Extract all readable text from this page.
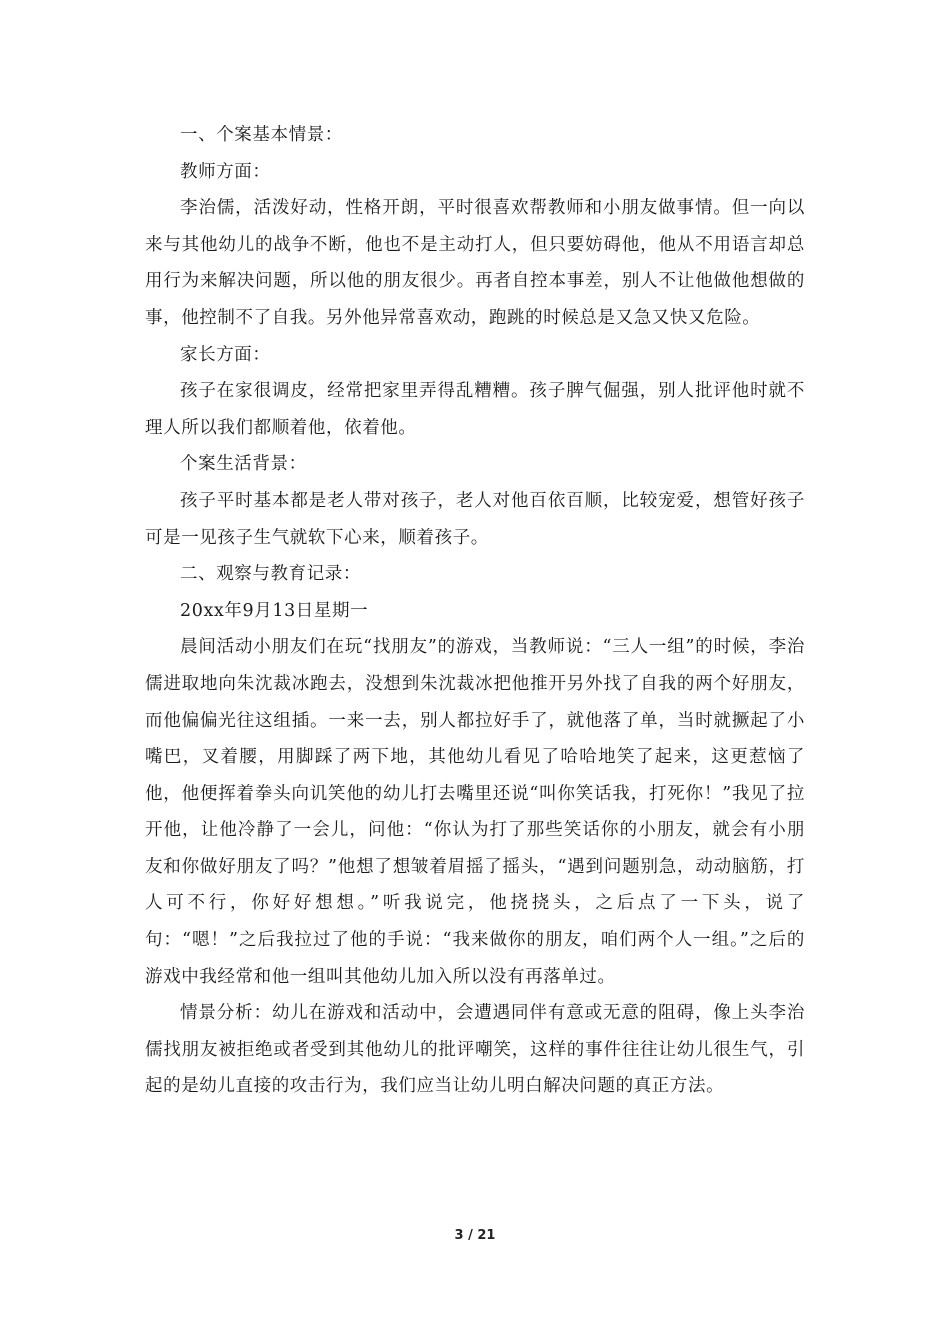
一、个案基本情景：

教师方面：

李治儒，活泼好动，性格开朗，平时很喜欢帮教师和小朋友做事情。但一向以来与其他幼儿的战争不断，他也不是主动打人，但只要妨碍他，他从不用语言却总用行为来解决问题，所以他的朋友很少。再者自控本事差，别人不让他做他想做的事，他控制不了自我。另外他异常喜欢动，跑跳的时候总是又急又快又危险。

家长方面：

孩子在家很调皮，经常把家里弄得乱糟糟。孩子脾气倔强，别人批评他时就不理人所以我们都顺着他，依着他。

个案生活背景：

孩子平时基本都是老人带对孩子，老人对他百依百顺，比较宠爱，想管好孩子可是一见孩子生气就软下心来，顺着孩子。

二、观察与教育记录：

20xx年9月13日星期一

晨间活动小朋友们在玩“找朋友”的游戏，当教师说：“三人一组”的时候，李治儒进取地向朱沈裁冰跑去，没想到朱沈裁冰把他推开另外找了自我的两个好朋友，而他偏偏光往这组插。一来一去，别人都拉好手了，就他落了单，当时就撅起了小嘴巴，叉着腰，用脚踩了两下地，其他幼儿看见了哈哈地笑了起来，这更惹恼了他，他便挥着拳头向讥笑他的幼儿打去嘴里还说“叫你笑话我，打死你！”我见了拉开他，让他冷静了一会儿，问他：“你认为打了那些笑话你的小朋友，就会有小朋友和你做好朋友了吗？”他想了想皱着眉摇了摇头，“遇到问题别急，动动脑筋，打人可不行，你好好想想。”听我说完，他挠挠头，之后点了一下头，说了句：“嗯！”之后我拉过了他的手说：“我来做你的朋友，咱们两个人一组。”之后的游戏中我经常和他一组叫其他幼儿加入所以没有再落单过。

情景分析：幼儿在游戏和活动中，会遭遇同伴有意或无意的阻碍，像上头李治儒找朋友被拒绝或者受到其他幼儿的批评嘲笑，这样的事件往往让幼儿很生气，引起的是幼儿直接的攻击行为，我们应当让幼儿明白解决问题的真正方法。

3 / 21
